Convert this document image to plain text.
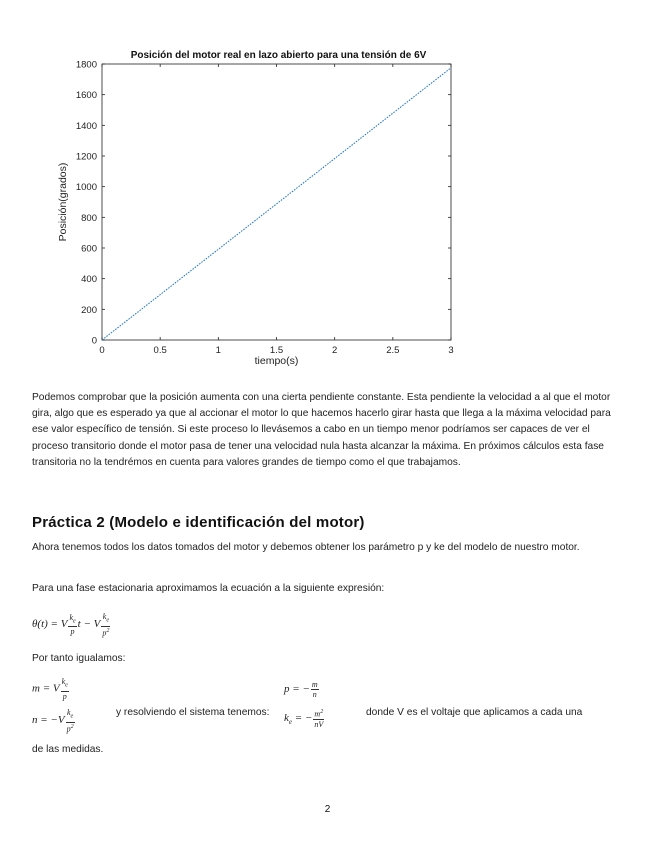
0	0.5	1	1.5	2	2.5	3
0
200
400
600
800
1000
1200
1400
1600
1800
Posición del motor real en lazo abierto para una tensión de 6V
tiempo(s)
Posición(grados)
Podemos comprobar que la posición aumenta con una cierta pendiente constante. Esta pendiente la velocidad a al que el motor gira, algo que es esperado ya que al accionar el motor lo que hacemos hacerlo girar hasta que llega a la máxima velocidad para ese valor específico de tensión. Si este proceso lo llevásemos a cabo en un tiempo menor podríamos ser capaces de ver el proceso transitorio donde el motor pasa de tener una velocidad nula hasta alcanzar la máxima. En próximos cálculos esta fase transitoria no la tendrémos en cuenta para valores grandes de tiempo como el que trabajamos.
Práctica 2 (Modelo e identificación del motor)
Ahora tenemos todos los datos tomados del motor y debemos obtener los parámetro p y ke del modelo de nuestro motor.
Para una fase estacionaria aproximamos la ecuación a la siguiente expresión:
θ(t) = V $\frac{k_e}{p}$ t − V $\frac{k_e}{p^2}$
Por tanto igualamos:
m = V $\frac{k_e}{p}$
$n = -V \frac{k_e}{p^2}$	y resolviendo el sistema tenemos:
p = − $\frac{m}{n}$
$k_e$ = − $\frac{m^2}{nV}$	donde V es el voltaje que aplicamos a cada una
de las medidas.
2
